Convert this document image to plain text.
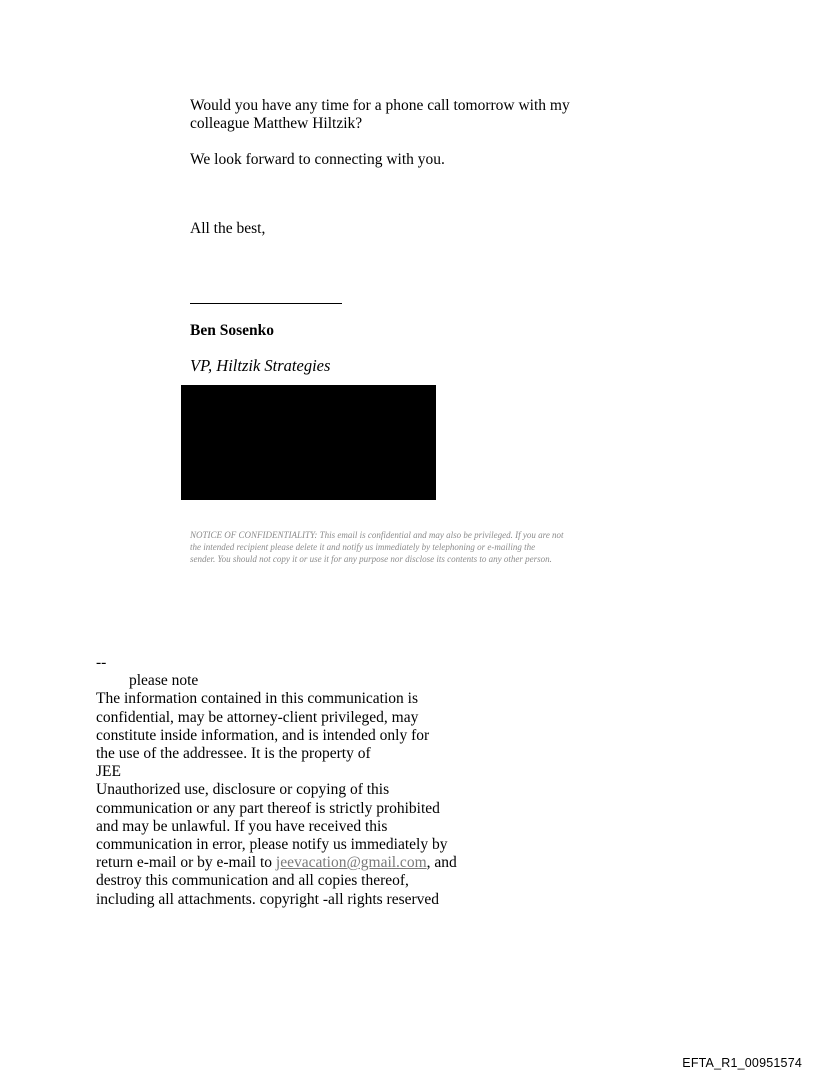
Would you have any time for a phone call tomorrow with my
colleague Matthew Hiltzik?
We look forward to connecting with you.
All the best,
Ben Sosenko
VP, Hiltzik Strategies
NOTICE OF CONFIDENTIALITY: This email is confidential and may also be privileged. If you are not
the intended recipient please delete it and notify us immediately by telephoning or e-mailing the
sender. You should not copy it or use it for any purpose nor disclose its contents to any other person.
--
please note
The information contained in this communication is
confidential, may be attorney-client privileged, may
constitute inside information, and is intended only for
the use of the addressee. It is the property of
JEE
Unauthorized use, disclosure or copying of this
communication or any part thereof is strictly prohibited
and may be unlawful. If you have received this
communication in error, please notify us immediately by
return e-mail or by e-mail to jeevacation@gmail.com, and
destroy this communication and all copies thereof,
including all attachments. copyright -all rights reserved
EFTA_R1_00951574
